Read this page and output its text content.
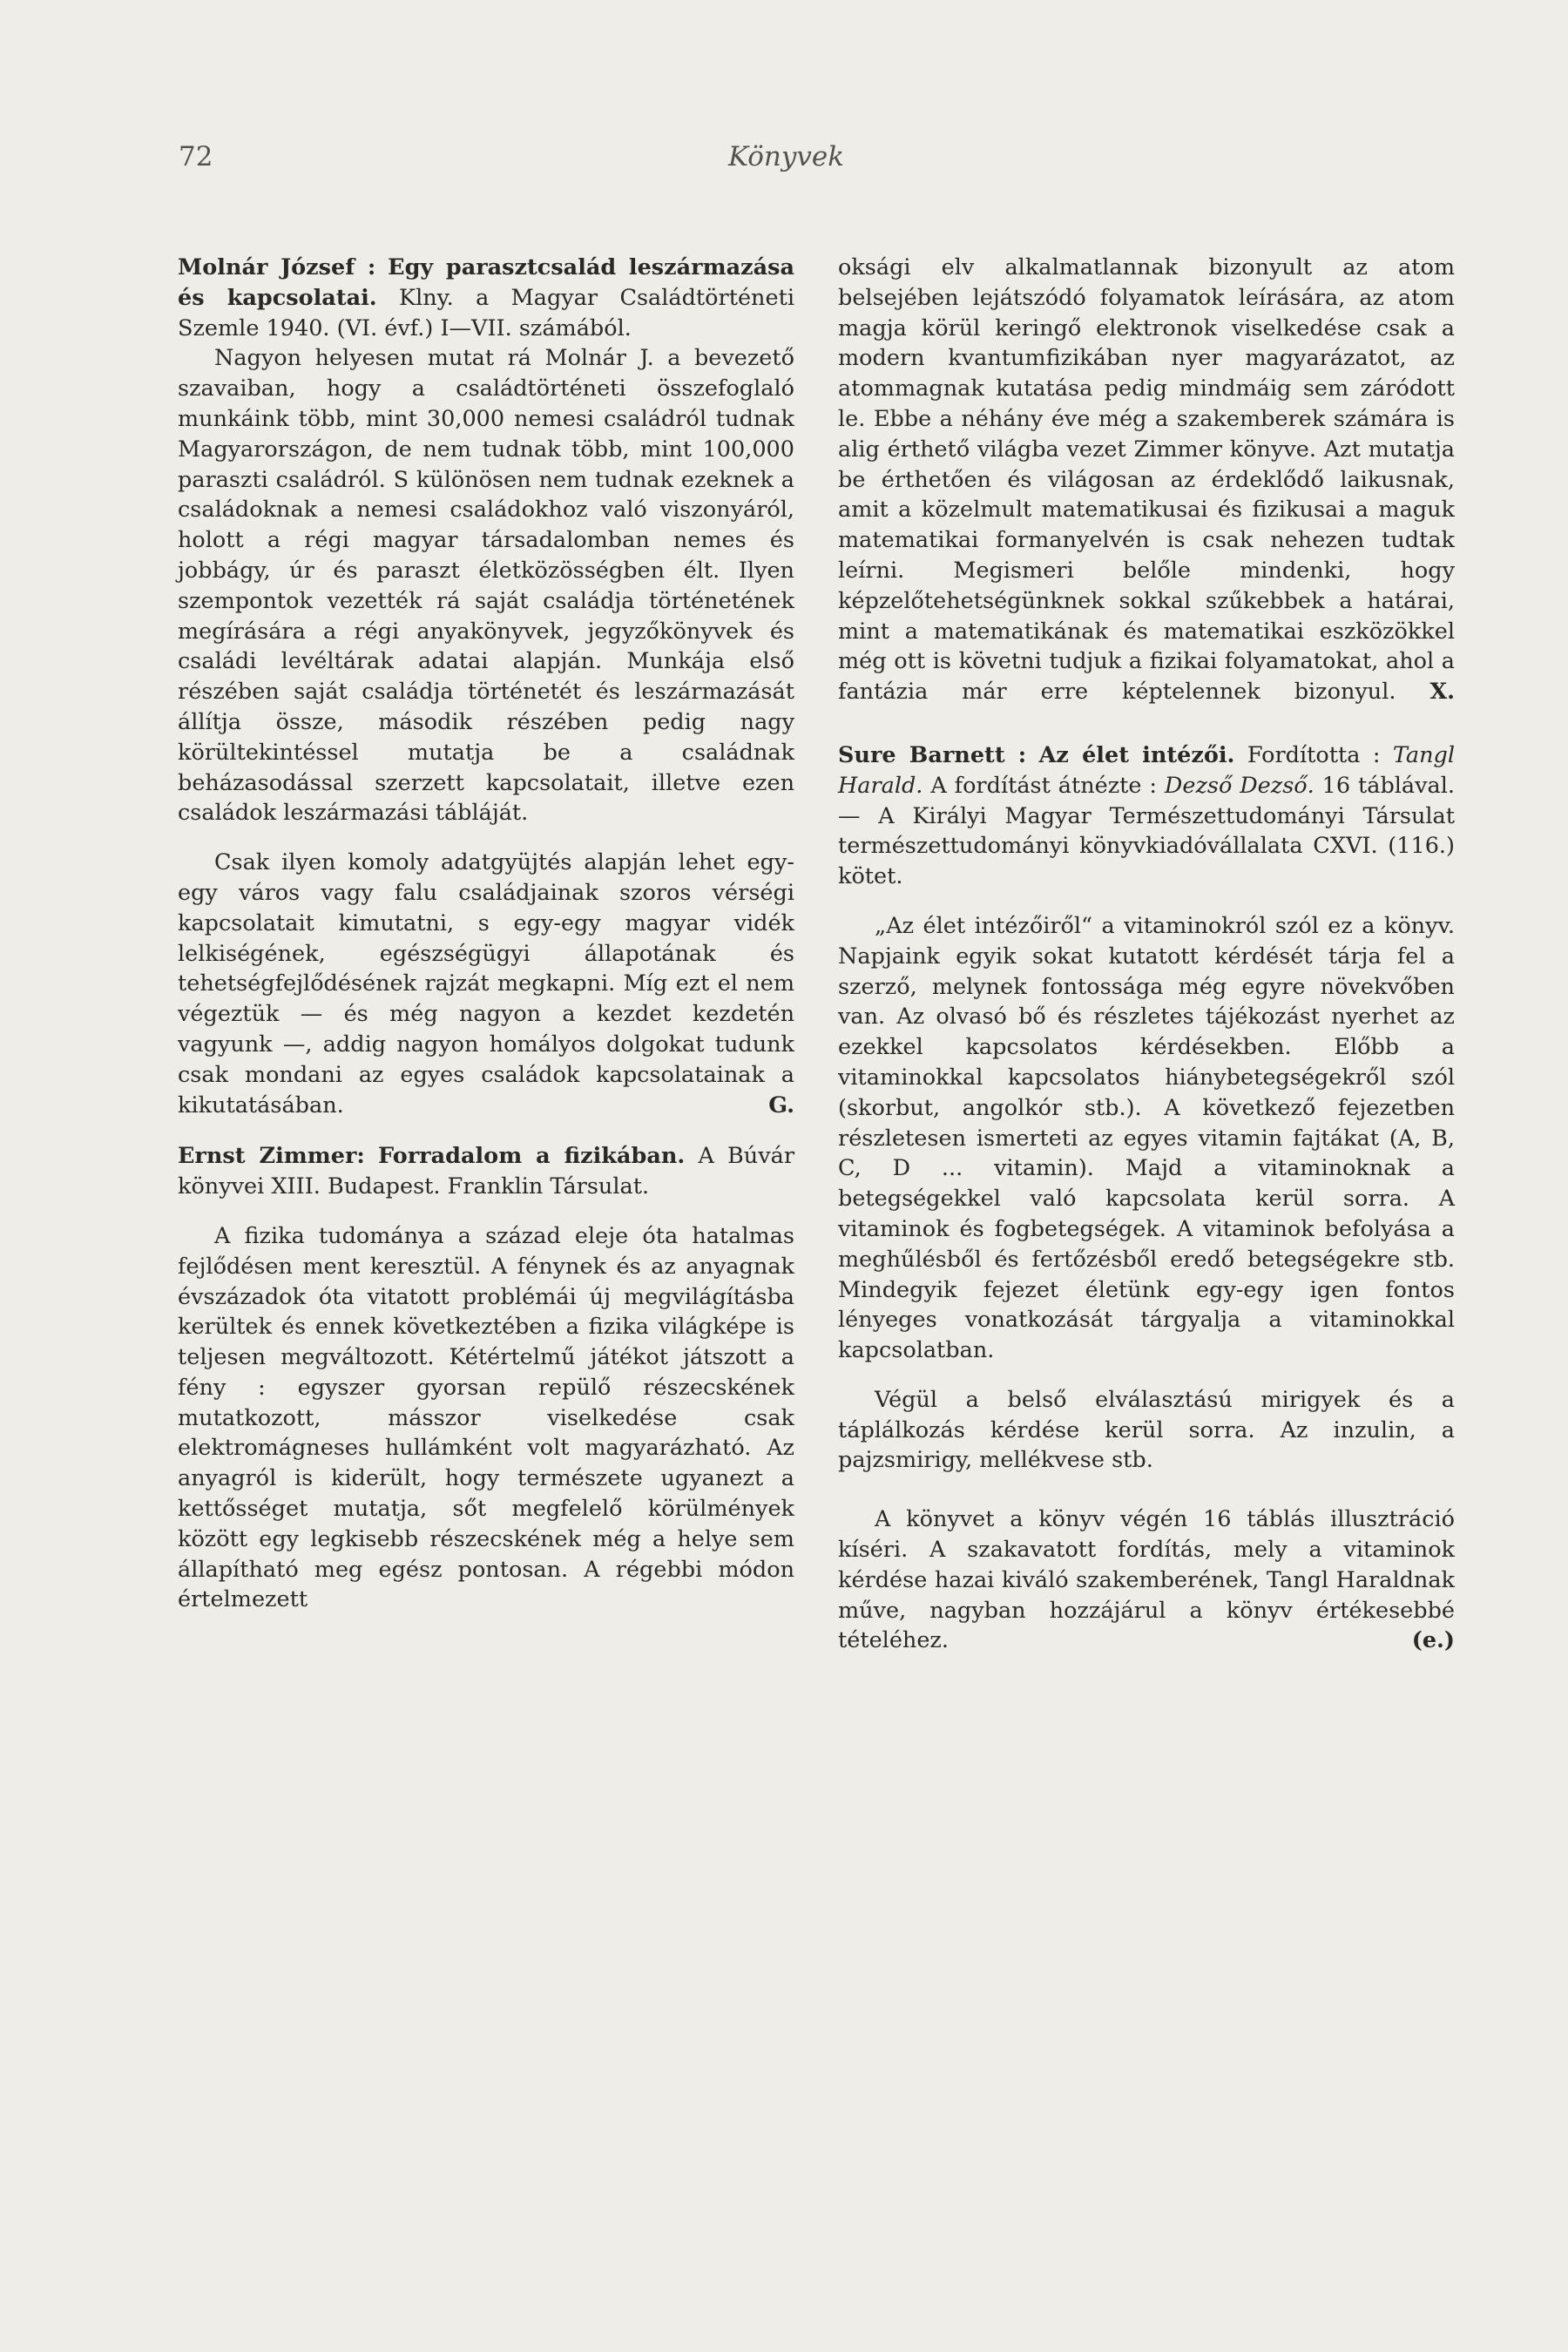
72	Könyvek

Molnár József : Egy parasztcsalád leszármazása és kapcsolatai. Klny. a Magyar Családtörténeti Szemle 1940. (VI. évf.) I—VII. számából.

Nagyon helyesen mutat rá Molnár J. a bevezető szavaiban, hogy a családtörténeti összefoglaló munkáink több, mint 30,000 nemesi családról tudnak Magyarországon, de nem tudnak több, mint 100,000 paraszti családról. S különösen nem tudnak ezeknek a családoknak a nemesi családokhoz való viszonyáról, holott a régi magyar társadalomban nemes és jobbágy, úr és paraszt életközösségben élt. Ilyen szempontok vezették rá saját családja történetének megírására a régi anyakönyvek, jegyzőkönyvek és családi levéltárak adatai alapján. Munkája első részében saját családja történetét és leszármazását állítja össze, második részében pedig nagy körültekintéssel mutatja be a családnak beházasodással szerzett kapcsolatait, illetve ezen családok leszármazási tábláját.

Csak ilyen komoly adatgyüjtés alapján lehet egy-egy város vagy falu családjainak szoros vérségi kapcsolatait kimutatni, s egy-egy magyar vidék lelkiségének, egészségügyi állapotának és tehetségfejlődésének rajzát megkapni. Míg ezt el nem végeztük — és még nagyon a kezdet kezdetén vagyunk —, addig nagyon homályos dolgokat tudunk csak mondani az egyes családok kapcsolatainak a kikutatásában.	G.

Ernst Zimmer: Forradalom a fizikában. A Búvár könyvei XIII. Budapest. Franklin Társulat.

A fizika tudománya a század eleje óta hatalmas fejlődésen ment keresztül. A fénynek és az anyagnak évszázadok óta vitatott problémái új megvilágításba kerültek és ennek következtében a fizika világképe is teljesen megváltozott. Kétértelmű játékot játszott a fény : egyszer gyorsan repülő részecskének mutatkozott, másszor viselkedése csak elektromágneses hullámként volt magyarázható. Az anyagról is kiderült, hogy természete ugyanezt a kettősséget mutatja, sőt megfelelő körülmények között egy legkisebb részecskének még a helye sem állapítható meg egész pontosan. A régebbi módon értelmezett

oksági elv alkalmatlannak bizonyult az atom belsejében lejátszódó folyamatok leírására, az atom magja körül keringő elektronok viselkedése csak a modern kvantumfizikában nyer magyarázatot, az atommagnak kutatása pedig mindmáig sem záródott le. Ebbe a néhány éve még a szakemberek számára is alig érthető világba vezet Zimmer könyve. Azt mutatja be érthetően és világosan az érdeklődő laikusnak, amit a közelmult matematikusai és fizikusai a maguk matematikai formanyelvén is csak nehezen tudtak leírni. Megismeri belőle mindenki, hogy képzelőtehetségünknek sokkal szűkebbek a határai, mint a matematikának és matematikai eszközökkel még ott is követni tudjuk a fizikai folyamatokat, ahol a fantázia már erre képtelennek bizonyul. X.

Sure Barnett : Az élet intézői. Fordította : Tangl Harald. A fordítást átnézte : Dezső Dezső. 16 táblával. — A Királyi Magyar Természettudományi Társulat természettudományi könyvkiadóvállalata CXVI. (116.) kötet.

„Az élet intézőiről“ a vitaminokról szól ez a könyv. Napjaink egyik sokat kutatott kérdését tárja fel a szerző, melynek fontossága még egyre növekvőben van. Az olvasó bő és részletes tájékozást nyerhet az ezekkel kapcsolatos kérdésekben. Előbb a vitaminokkal kapcsolatos hiánybetegségekről szól (skorbut, angolkór stb.). A következő fejezetben részletesen ismerteti az egyes vitamin fajtákat (A, B, C, D ... vitamin). Majd a vitaminoknak a betegségekkel való kapcsolata kerül sorra. A vitaminok és fogbetegségek. A vitaminok befolyása a meghűlésből és fertőzésből eredő betegségekre stb. Mindegyik fejezet életünk egy-egy igen fontos lényeges vonatkozását tárgyalja a vitaminokkal kapcsolatban.

Végül a belső elválasztású mirigyek és a táplálkozás kérdése kerül sorra. Az inzulin, a pajzsmirigy, mellékvese stb.

A könyvet a könyv végén 16 táblás illusztráció kíséri. A szakavatott fordítás, mely a vitaminok kérdése hazai kiváló szakemberének, Tangl Haraldnak műve, nagyban hozzájárul a könyv értékesebbé tételéhez.	(e.)
